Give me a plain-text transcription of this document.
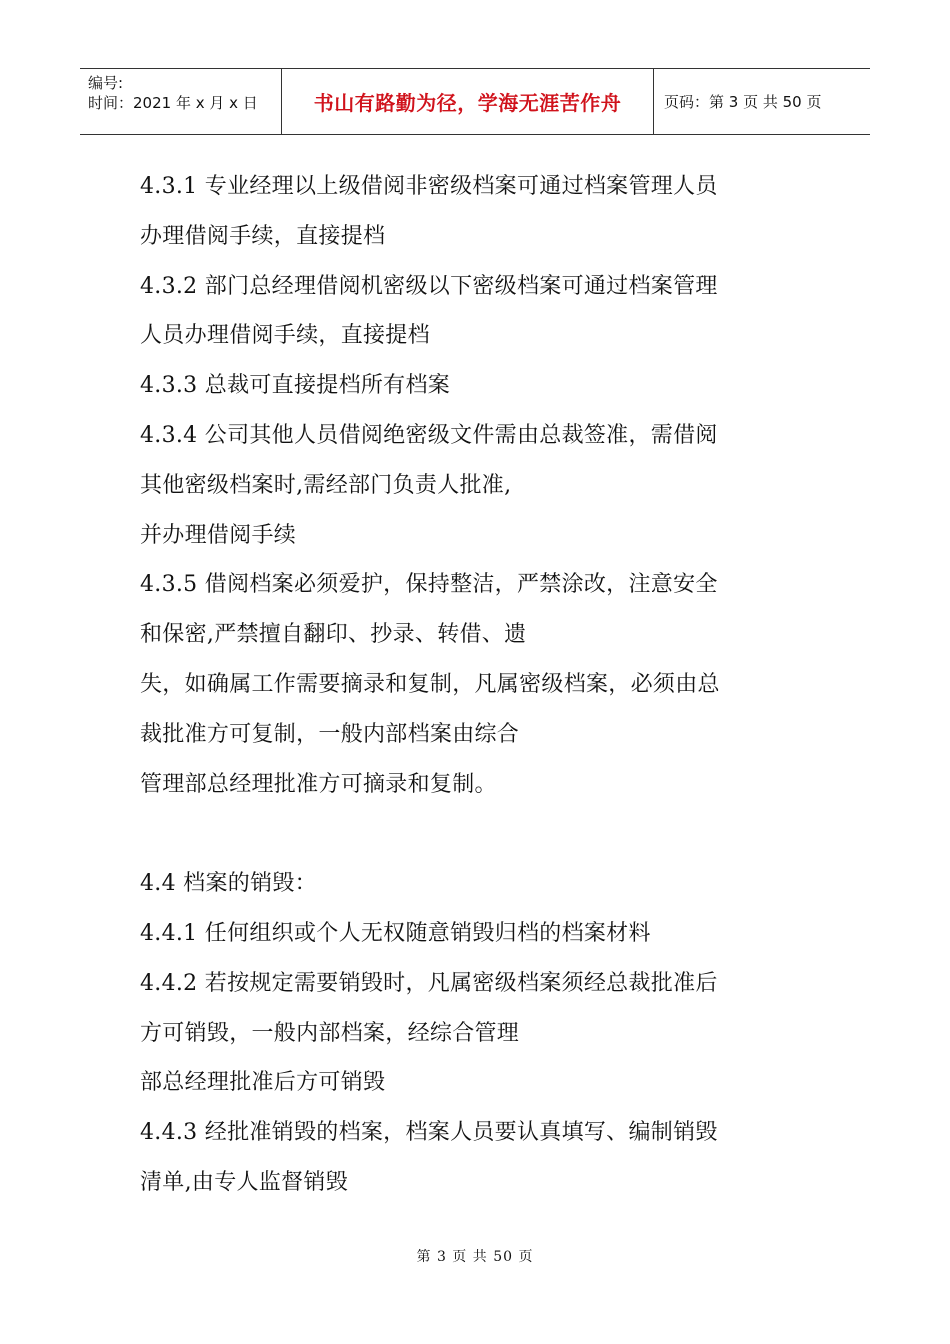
编号:
时间：2021 年 x 月 x 日	书山有路勤为径，学海无涯苦作舟	页码：第 3 页 共 50 页
4.3.1 专业经理以上级借阅非密级档案可通过档案管理人员
办理借阅手续，直接提档
4.3.2 部门总经理借阅机密级以下密级档案可通过档案管理
人员办理借阅手续，直接提档
4.3.3 总裁可直接提档所有档案
4.3.4 公司其他人员借阅绝密级文件需由总裁签准，需借阅
其他密级档案时,需经部门负责人批准,
并办理借阅手续
4.3.5 借阅档案必须爱护，保持整洁，严禁涂改，注意安全
和保密,严禁擅自翻印、抄录、转借、遗
失，如确属工作需要摘录和复制，凡属密级档案，必须由总
裁批准方可复制，一般内部档案由综合
管理部总经理批准方可摘录和复制。
4.4 档案的销毁：
4.4.1 任何组织或个人无权随意销毁归档的档案材料
4.4.2 若按规定需要销毁时，凡属密级档案须经总裁批准后
方可销毁，一般内部档案，经综合管理
部总经理批准后方可销毁
4.4.3 经批准销毁的档案，档案人员要认真填写、编制销毁
清单,由专人监督销毁
第 3 页 共 50 页
